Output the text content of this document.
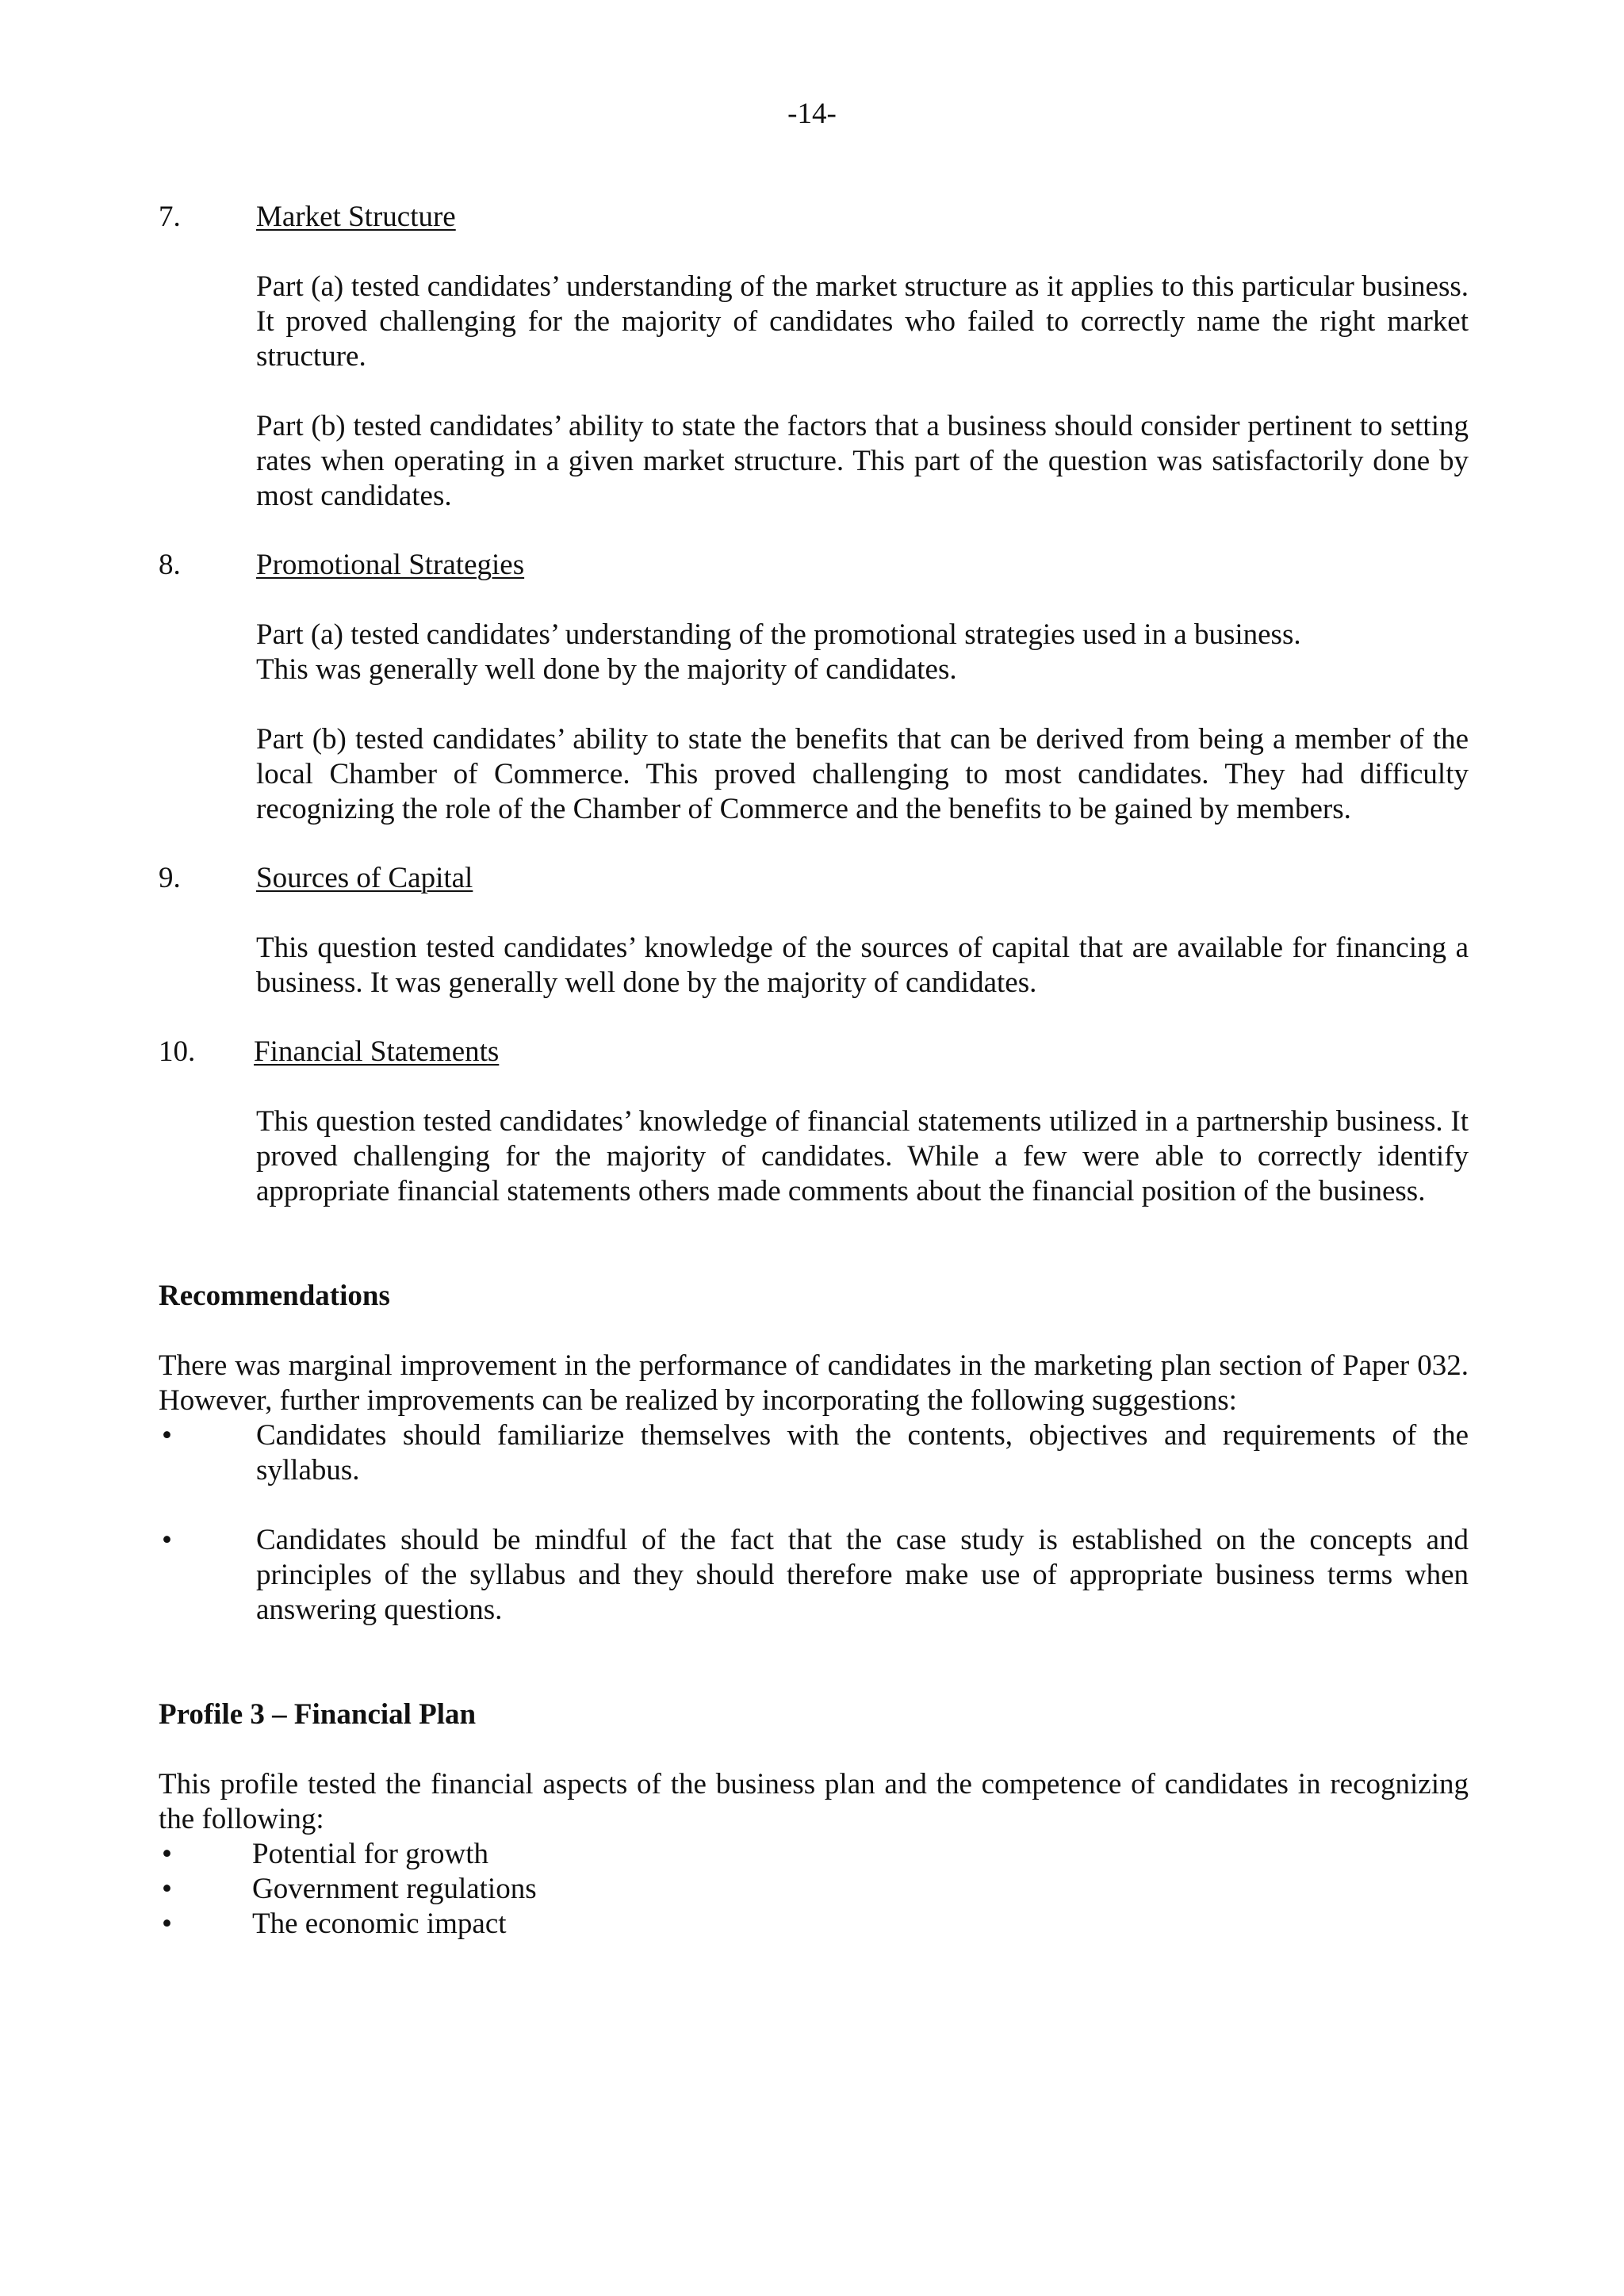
-14-
7.	Market Structure

Part (a) tested candidates’ understanding of the market structure as it applies to this particular business. It proved challenging for the majority of candidates who failed to correctly name the right market structure.

Part (b) tested candidates’ ability to state the factors that a business should consider pertinent to setting rates when operating in a given market structure. This part of the question was satisfactorily done by most candidates.

8.	Promotional Strategies

Part (a) tested candidates’ understanding of the promotional strategies used in a business.

This was generally well done by the majority of candidates.

Part (b) tested candidates’ ability to state the benefits that can be derived from being a member of the local Chamber of Commerce. This proved challenging to most candidates. They had difficulty recognizing the role of the Chamber of Commerce and the benefits to be gained by members.

9.	Sources of Capital

This question tested candidates’ knowledge of the sources of capital that are available for financing a business. It was generally well done by the majority of candidates.

10. Financial Statements

This question tested candidates’ knowledge of financial statements utilized in a partnership business. It proved challenging for the majority of candidates. While a few were able to correctly identify appropriate financial statements others made comments about the financial position of the business.

Recommendations

There was marginal improvement in the performance of candidates in the marketing plan section of Paper 032. However, further improvements can be realized by incorporating the following suggestions:

•	Candidates should familiarize themselves with the contents, objectives and requirements of the syllabus.
•	Candidates should be mindful of the fact that the case study is established on the concepts and principles of the syllabus and they should therefore make use of appropriate business terms when answering questions.

Profile 3 – Financial Plan

This profile tested the financial aspects of the business plan and the competence of candidates in recognizing the following:

•	Potential for growth
•	Government regulations
•	The economic impact
